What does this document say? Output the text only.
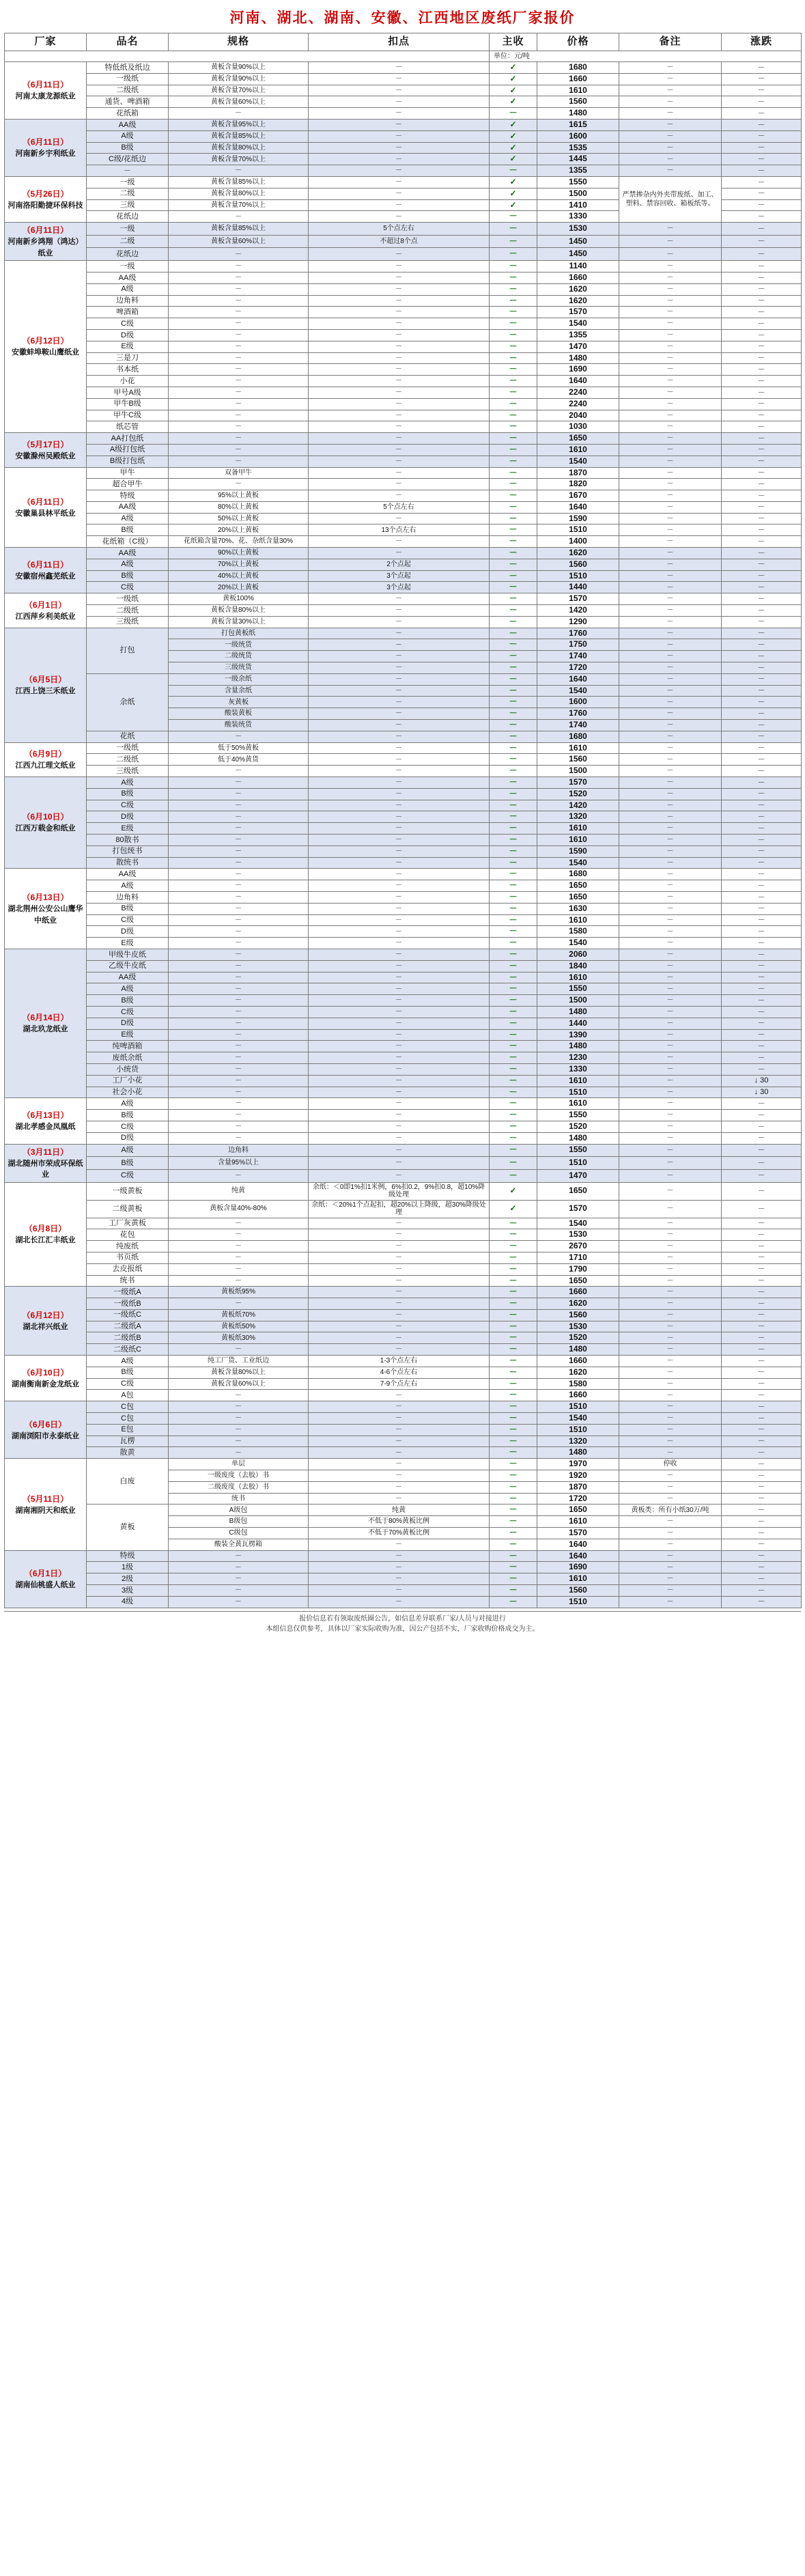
河南、湖北、湖南、安徽、江西地区废纸厂家报价
厂家	品名	规格	扣点	主收	价格	备注	涨跌
				单位：元/吨			

（6月11日）
河南太康龙源纸业	特低纸及纸边	黄板含量90%以上	－	✓	1680	－	－
	一级纸	黄板含量90%以上	－	✓	1660	－	－
	二级纸	黄板含量70%以上	－	✓	1610	－	－
	通货、啤酒箱	黄板含量60%以上	－	✓	1560	－	－
	花纸箱	－	－	－	1480	－	－

（6月11日）
河南新乡宇利纸业	AA级	黄板含量95%以上	－	✓	1615	－	－
	A级	黄板含量85%以上	－	✓	1600	－	－
	B级	黄板含量80%以上	－	✓	1535	－	－
	C级/花纸边	黄板含量70%以上	－	✓	1445	－	－
	－	－	－	－	1355	－	－

（5月26日）
河南洛阳勤捷环保科技	一级	黄板含量85%以上	－	✓	1550	严禁掺杂内外夹带废纸、加工、塑料、禁容回收、箱板纸等。	－
	二级	黄板含量80%以上	－	✓	1500		－
	三级	黄板含量70%以上	－	✓	1410		－
	花纸边	－	－	－	1330		－

（6月11日）
河南新乡鸿翔（鸿达）纸业	一级	黄板含量85%以上	5个点左右	－	1530	－	－
	二级	黄板含量60%以上	不超过8个点	－	1450	－	－
	花纸边	－	－	－	1450	－	－

（6月12日）
安徽蚌埠鞍山鹰纸业	一级	－	－	－	1140	－	－
	AA级	－	－	－	1660	－	－
	A级	－	－	－	1620	－	－
	边角料	－	－	－	1620	－	－
	啤酒箱	－	－	－	1570	－	－
	C级	－	－	－	1540	－	－
	D级	－	－	－	1355	－	－
	E级	－	－	－	1470	－	－
	三是刀	－	－	－	1480	－	－
	书本纸	－	－	－	1690	－	－
	小花	－	－	－	1640	－	－
	甲号A级	－	－	－	2240	－	－
	甲牛B级	－	－	－	2240	－	－
	甲牛C级	－	－	－	2040	－	－
	纸芯管	－	－	－	1030	－	－

（5月17日）
安徽滁州吴殿纸业	AA打包纸	－	－	－	1650	－	－
	A级打包纸	－	－	－	1610	－	－
	B级打包纸	－	－	－	1540	－	－

（6月11日）
安徽巢县林平纸业	甲牛	双备甲牛	－	－	1870	－	－
	超合甲牛	－	－	－	1820	－	－
	特级	95%以上黄板	－	－	1670	－	－
	AA级	80%以上黄板	5个点左右	－	1640	－	－
	A级	50%以上黄板	－	－	1590	－	－
	B级	20%以上黄板	13个点左右	－	1510	－	－
	花纸箱（C级）	花纸箱含量70%、花、杂纸含量30%	－	－	1400	－	－

（6月11日）
安徽宿州鑫芜纸业	AA级	90%以上黄板	－	－	1620	－	－
	A级	70%以上黄板	2个点起	－	1560	－	－
	B级	40%以上黄板	3个点起	－	1510	－	－
	C级	20%以上黄板	3个点起	－	1440	－	－

（6月1日）
江西萍乡利美纸业	一级纸	黄板100%	－	－	1570	－	－
	二级纸	黄板含量80%以上	－	－	1420	－	－
	三级纸	黄板含量30%以上	－	－	1290	－	－

（6月5日）
江西上饶三禾纸业	打包	打包黄板纸	－	－	1760	－	－
		一级统货	－	－	1750	－	－
		二级统货	－	－	1740	－	－
		三级统货	－	－	1720	－	－
	余纸	一级余纸	－	－	1640	－	－
		含量余纸	－	－	1540	－	－
		灰黄板	－	－	1600	－	－
		酸装黄板	－	－	1760	－	－
		酸装统货	－	－	1740	－	－
	花纸	－	－	－	1680	－	－

（6月9日）
江西九江理文纸业	一级纸	低于50%黄板	－	－	1610	－	－
	二级纸	低于40%黄货	－	－	1560	－	－
	三级纸	－	－	－	1500	－	－

（6月10日）
江西万载金和纸业	A级	－	－	－	1570	－	－
	B级	－	－	－	1520	－	－
	C级	－	－	－	1420	－	－
	D级	－	－	－	1320	－	－
	E级	－	－	－	1610	－	－
	80散书	－	－	－	1610	－	－
	打包统书	－	－	－	1590	－	－
	散统书	－	－	－	1540	－	－

（6月13日）
湖北荆州公安公山鹰华中纸业	AA级	－	－	－	1680	－	－
	A级	－	－	－	1650	－	－
	边角料	－	－	－	1650	－	－
	B级	－	－	－	1630	－	－
	C级	－	－	－	1610	－	－
	D级	－	－	－	1580	－	－
	E级	－	－	－	1540	－	－

（6月14日）
湖北玖龙纸业	甲级牛皮纸	－	－	－	2060	－	－
	乙级牛皮纸	－	－	－	1840	－	－
	AA级	－	－	－	1610	－	－
	A级	－	－	－	1550	－	－
	B级	－	－	－	1500	－	－
	C级	－	－	－	1480	－	－
	D级	－	－	－	1440	－	－
	E级	－	－	－	1390	－	－
	纯啤酒箱	－	－	－	1480	－	－
	废纸余纸	－	－	－	1230	－	－
	小统货	－	－	－	1330	－	－
	工厂小花	－	－	－	1610	－	↓ 30
	社会小花	－	－	－	1510	－	↓ 30

（6月13日）
湖北孝感金凤凰纸	A级	－	－	－	1610	－	－
	B级	－	－	－	1550	－	－
	C级	－	－	－	1520	－	－
	D级	－	－	－	1480	－	－

（3月11日）
湖北随州市荣成环保纸业	A级	边角料	－	－	1550	－	－
	B级	含量95%以上	－	－	1510	－	－
	C级	－	－	－	1470	－	－

（6月8日）
湖北长江汇丰纸业	一级黄板	纯黄	余纸：＜0即1%扣1米例，6%扣0.2，9%扣0.8，超10%降级处理	✓	1650	－	－
	二级黄板	黄板含量40%-80%	余纸：＜20%1个点起扣，超20%以上降级，超30%降级处理	✓	1570	－	－
	工厂灰黄板	－	－	－	1540	－	－
	花包	－	－	－	1530	－	－
	纯废纸	－	－	－	2670	－	－
	书页纸	－	－	－	1710	－	－
	去皮报纸	－	－	－	1790	－	－
	统书	－	－	－	1650	－	－

（6月12日）
湖北祥兴纸业	一级纸A	黄板纸95%	－	－	1660	－	－
	一级纸B	－	－	－	1620	－	－
	一级纸C	黄板纸70%	－	－	1560	－	－
	二级纸A	黄板纸50%	－	－	1530	－	－
	二级纸B	黄板纸30%	－	－	1520	－	－
	二级纸C	－	－	－	1480	－	－

（6月10日）
湖南衡南新金龙纸业	A级	纯工厂货、工业纸边	1-3个点左右	－	1660	－	－
	B级	黄板含量80%以上	4-6个点左右	－	1620	－	－
	C级	黄板含量60%以上	7-9个点左右	－	1580	－	－
	A包	－	－	－	1660	－	－

（6月6日）
湖南浏阳市永泰纸业	C包	－	－	－	1510	－	－
	C包	－	－	－	1540	－	－
	E包	－	－	－	1510	－	－
	瓦楞	－	－	－	1320	－	－
	散黄	－	－	－	1480	－	－

（5月11日）
湖南湘阴天和纸业	白废	单层	－	－	1970	停收	－
		一级废度（去胶）书	－	－	1920	－	－
		二级废度（去胶）书	－	－	1870	－	－
		统书	－	－	1720	－	－
	黄板	A级包	纯黄	－	1650	黄板类：所有小纸30万/吨	－
		B级包	不低于80%黄板比例	－	1610	－	－
		C级包	不低于70%黄板比例	－	1570	－	－
		酸装全黄瓦楞箱	－	－	1640	－	－

（6月1日）
湖南仙桃盛人纸业	特级	－	－	－	1640	－	－
	1级	－	－	－	1690	－	－
	2级	－	－	－	1610	－	－
	3级	－	－	－	1560	－	－
	4级	－	－	－	1510	－	－
报价信息若有领取废纸圈公告，如信息差异联系厂家/人员与对接进行
本组信息仅供参考，具体以厂家实际收购为准，因公产包括不实，厂家收购价格成交为主。
